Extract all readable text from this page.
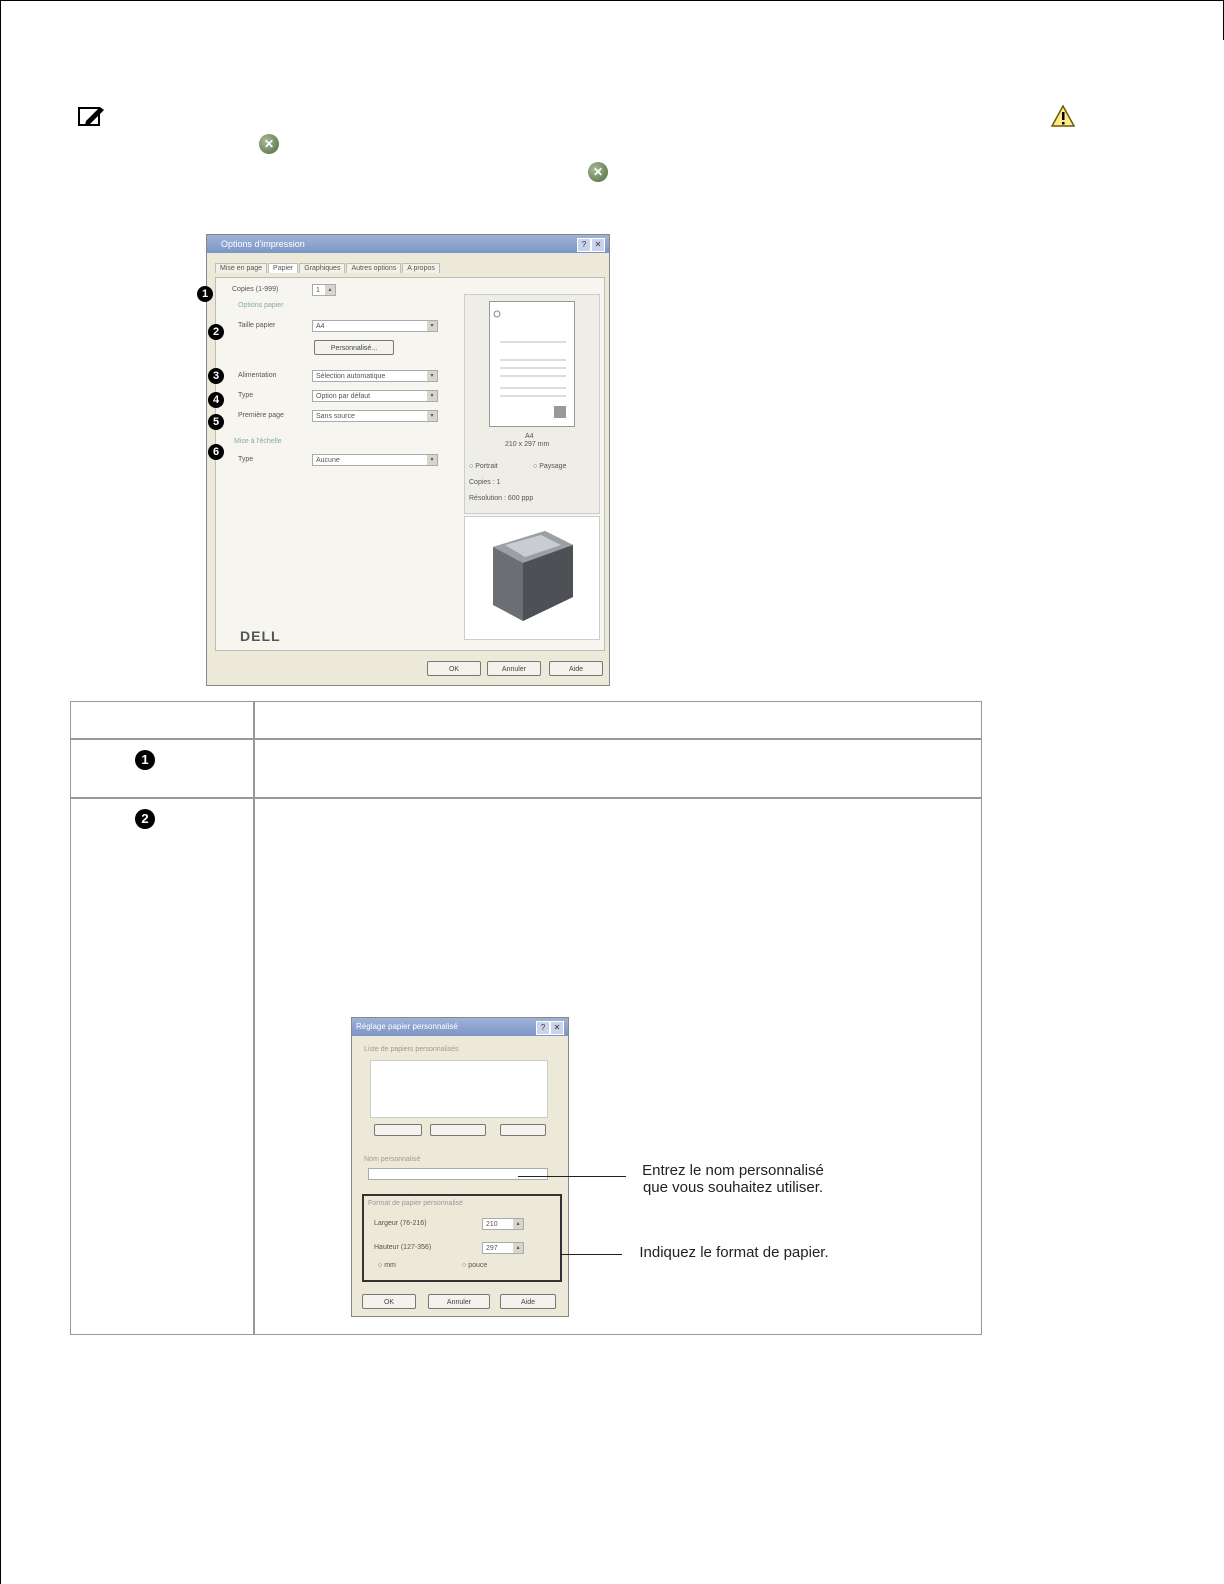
✕
✕
Options d'impression	?	✕
Mise en page Papier Graphiques Autres options A propos
Copies (1-999)	1	▴
Options papier
Taille papier	A4	▾
Personnalisé...
Alimentation	Sélection automatique	▾
Type	Option par défaut	▾
Première page	Sans source	▾
Mise à l'échelle
Type	Aucune	▾
A4
210 x 297 mm
○ Portrait	○ Paysage
Copies : 1
Résolution : 600 ppp
DELL
OK	Annuler	Aide
1
2
3
4
5
6
1
2
Réglage papier personnalisé	?	✕
Liste de papiers personnalisés
Nom personnalisé
Format de papier personnalisé
Largeur (76-216)	210	▴
Hauteur (127-356)	297	▴
○ mm	○ pouce
OK	Annuler	Aide
Entrez le nom personnalisé
que vous souhaitez utiliser.
Indiquez le format de papier.
